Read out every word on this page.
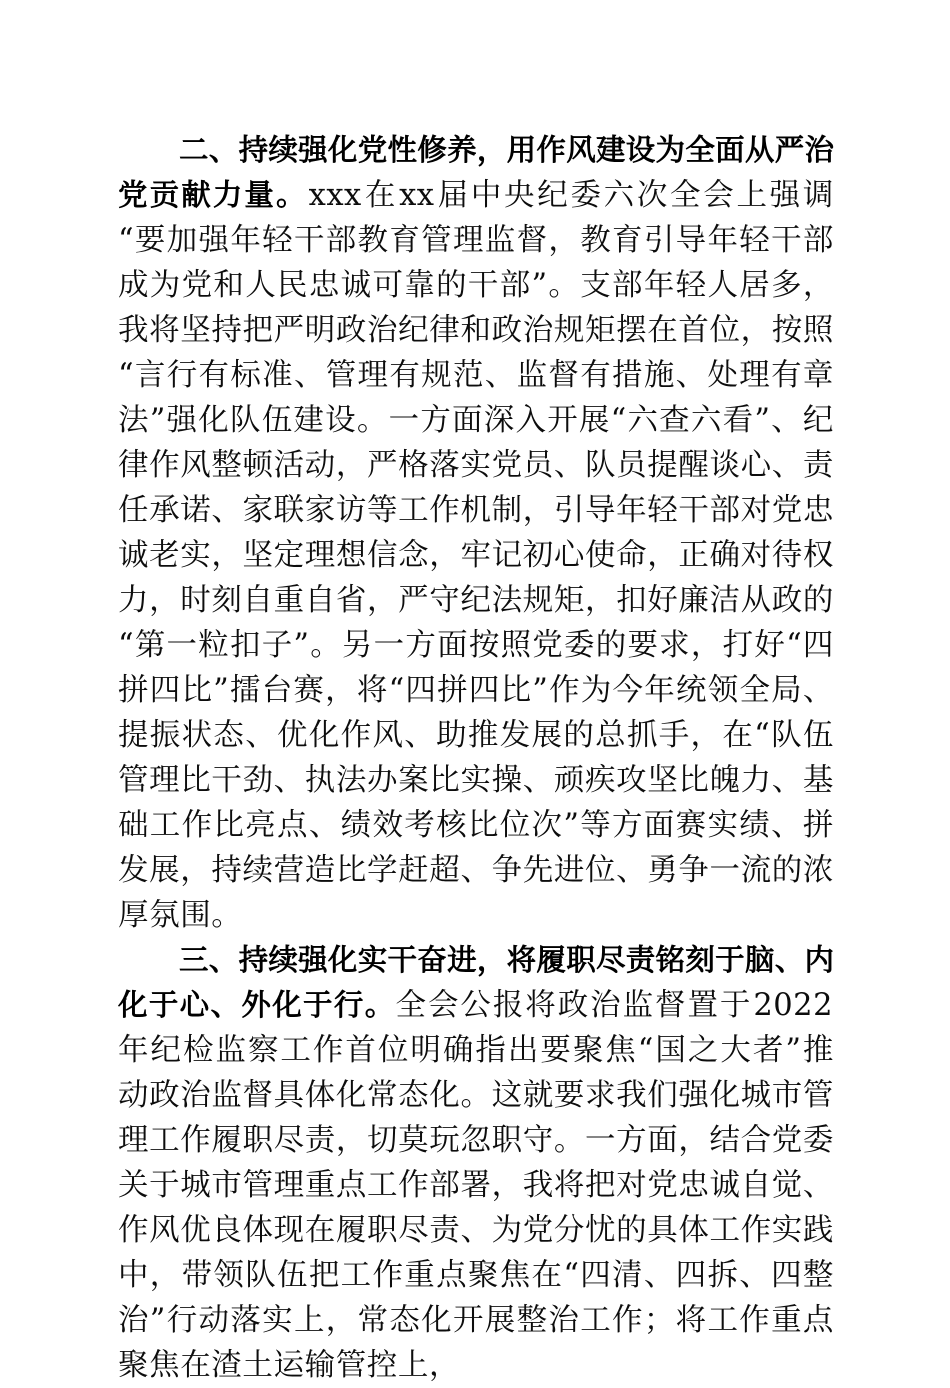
二、持续强化党性修养，用作风建设为全面从严治党贡献力量。xxx在xx届中央纪委六次全会上强调“要加强年轻干部教育管理监督，教育引导年轻干部成为党和人民忠诚可靠的干部”。支部年轻人居多，我将坚持把严明政治纪律和政治规矩摆在首位，按照“言行有标准、管理有规范、监督有措施、处理有章法”强化队伍建设。一方面深入开展“六查六看”、纪律作风整顿活动，严格落实党员、队员提醒谈心、责任承诺、家联家访等工作机制，引导年轻干部对党忠诚老实，坚定理想信念，牢记初心使命，正确对待权力，时刻自重自省，严守纪法规矩，扣好廉洁从政的“第一粒扣子”。另一方面按照党委的要求，打好“四拼四比”擂台赛，将“四拼四比”作为今年统领全局、提振状态、优化作风、助推发展的总抓手，在“队伍管理比干劲、执法办案比实操、顽疾攻坚比魄力、基础工作比亮点、绩效考核比位次”等方面赛实绩、拼发展，持续营造比学赶超、争先进位、勇争一流的浓厚氛围。

三、持续强化实干奋进，将履职尽责铭刻于脑、内化于心、外化于行。全会公报将政治监督置于2022年纪检监察工作首位明确指出要聚焦“国之大者”推动政治监督具体化常态化。这就要求我们强化城市管理工作履职尽责，切莫玩忽职守。一方面，结合党委关于城市管理重点工作部署，我将把对党忠诚自觉、作风优良体现在履职尽责、为党分忧的具体工作实践中，带领队伍把工作重点聚焦在“四清、四拆、四整治”行动落实上，常态化开展整治工作；将工作重点聚焦在渣土运输管控上，
